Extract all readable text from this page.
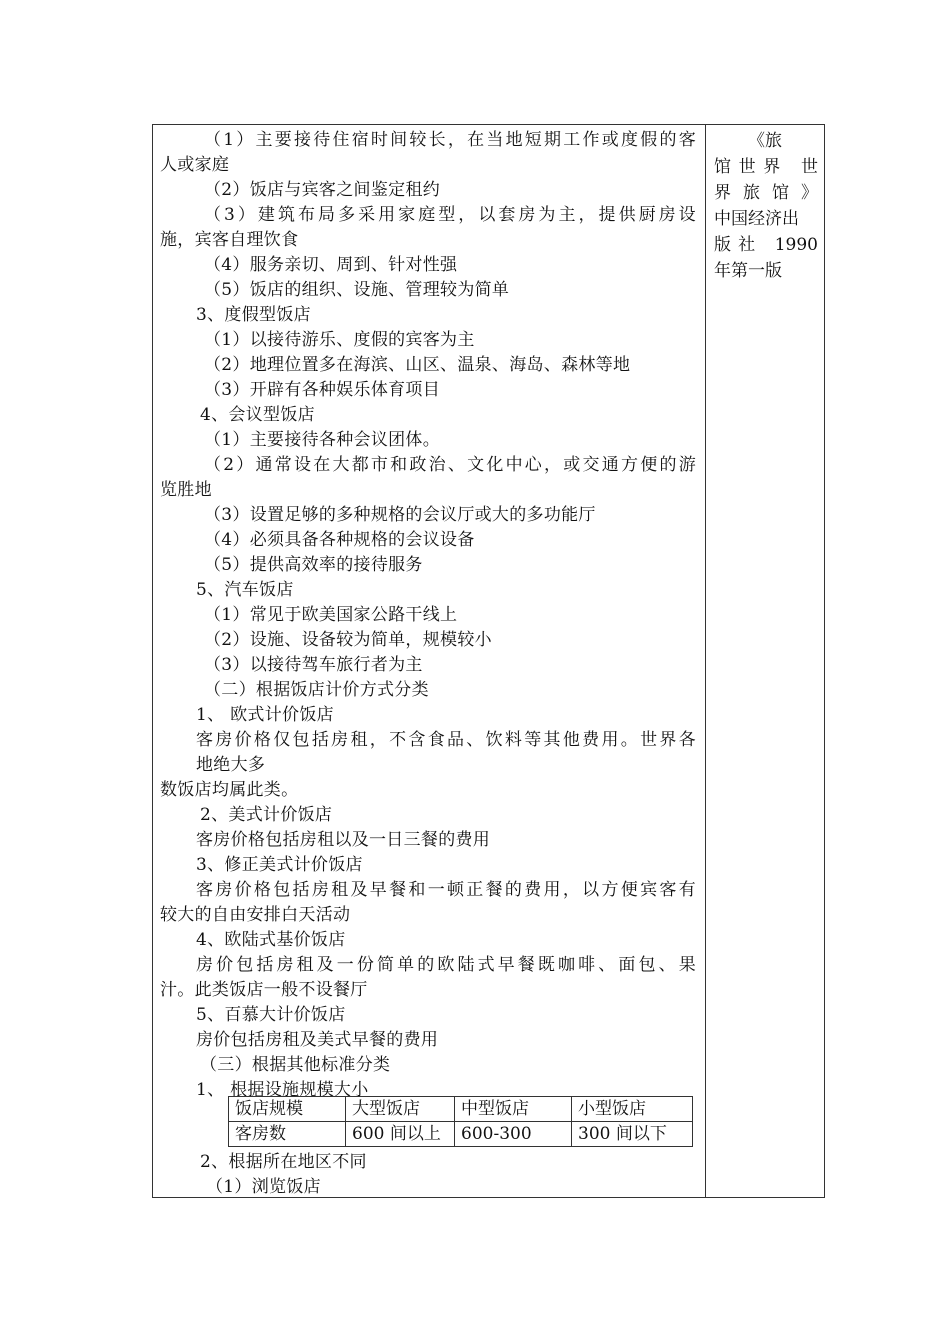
（1）主要接待住宿时间较长，在当地短期工作或度假的客
人或家庭
（2）饭店与宾客之间鉴定租约
（3）建筑布局多采用家庭型，以套房为主，提供厨房设
施，宾客自理饮食
（4）服务亲切、周到、针对性强
（5）饭店的组织、设施、管理较为简单
3、度假型饭店
（1）以接待游乐、度假的宾客为主
（2）地理位置多在海滨、山区、温泉、海岛、森林等地
（3）开辟有各种娱乐体育项目
4、会议型饭店
（1）主要接待各种会议团体。
（2）通常设在大都市和政治、文化中心，或交通方便的游
览胜地
（3）设置足够的多种规格的会议厅或大的多功能厅
（4）必须具备各种规格的会议设备
（5）提供高效率的接待服务
5、汽车饭店
（1）常见于欧美国家公路干线上
（2）设施、设备较为简单，规模较小
（3）以接待驾车旅行者为主
（二）根据饭店计价方式分类
1、 欧式计价饭店
客房价格仅包括房租，不含食品、饮料等其他费用。世界各
地绝大多
数饭店均属此类。
2、美式计价饭店
客房价格包括房租以及一日三餐的费用
3、修正美式计价饭店
客房价格包括房租及早餐和一顿正餐的费用，以方便宾客有
较大的自由安排白天活动
4、欧陆式基价饭店
房价包括房租及一份简单的欧陆式早餐既咖啡、面包、果
汁。此类饭店一般不设餐厅
5、百慕大计价饭店
房价包括房租及美式早餐的费用
（三）根据其他标准分类
1、 根据设施规模大小
2、根据所在地区不同
（1）浏览饭店
饭店规模	大型饭店	中型饭店	小型饭店
客房数	600 间以上	600-300	300 间以下
《旅
馆世界 世
界旅馆》
中国经济出
版社 1990
年第一版
